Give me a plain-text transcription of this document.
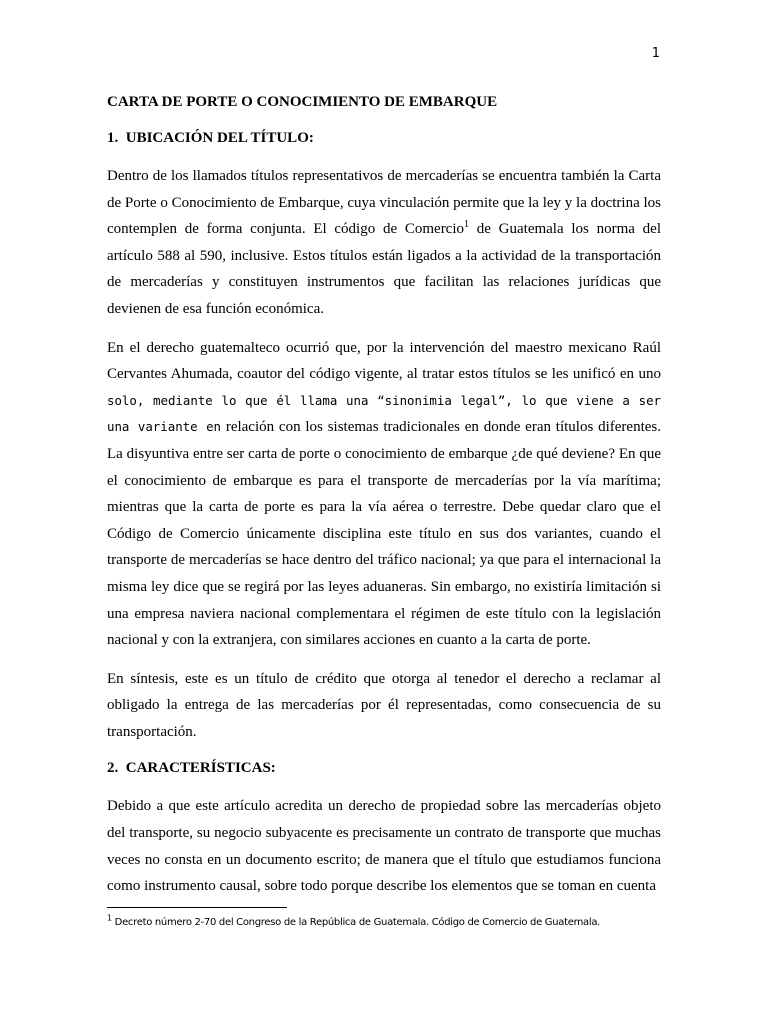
1
CARTA DE PORTE O CONOCIMIENTO DE EMBARQUE
1.  UBICACIÓN DEL TÍTULO:

Dentro de los llamados títulos representativos de mercaderías se encuentra también la Carta de Porte o Conocimiento de Embarque, cuya vinculación permite que la ley y la doctrina los contemplen de forma conjunta. El código de Comercio$^1$ de Guatemala los norma del artículo 588 al 590, inclusive. Estos títulos están ligados a la actividad de la transportación de mercaderías y constituyen instrumentos que facilitan las relaciones jurídicas que devienen de esa función económica.

En el derecho guatemalteco ocurrió que, por la intervención del maestro mexicano Raúl Cervantes Ahumada, coautor del código vigente, al tratar estos títulos se les unificó en uno solo, mediante lo que él llama una “sinonimia legal”, lo que viene a ser una variante en relación con los sistemas tradicionales en donde eran títulos diferentes. La disyuntiva entre ser carta de porte o conocimiento de embarque ¿de qué deviene? En que el conocimiento de embarque es para el transporte de mercaderías por la vía marítima; mientras que la carta de porte es para la vía aérea o terrestre. Debe quedar claro que el Código de Comercio únicamente disciplina este título en sus dos variantes, cuando el transporte de mercaderías se hace dentro del tráfico nacional; ya que para el internacional la misma ley dice que se regirá por las leyes aduaneras. Sin embargo, no existiría limitación si una empresa naviera nacional complementara el régimen de este título con la legislación nacional y con la extranjera, con similares acciones en cuanto a la carta de porte.

En síntesis, este es un título de crédito que otorga al tenedor el derecho a reclamar al obligado la entrega de las mercaderías por él representadas, como consecuencia de su transportación.

2.  CARACTERÍSTICAS:

Debido a que este artículo acredita un derecho de propiedad sobre las mercaderías objeto del transporte, su negocio subyacente es precisamente un contrato de transporte que muchas veces no consta en un documento escrito; de manera que el título que estudiamos funciona como instrumento causal, sobre todo porque describe los elementos que se toman en cuenta

$^1$ Decreto número 2-70 del Congreso de la República de Guatemala. Código de Comercio de Guatemala.
